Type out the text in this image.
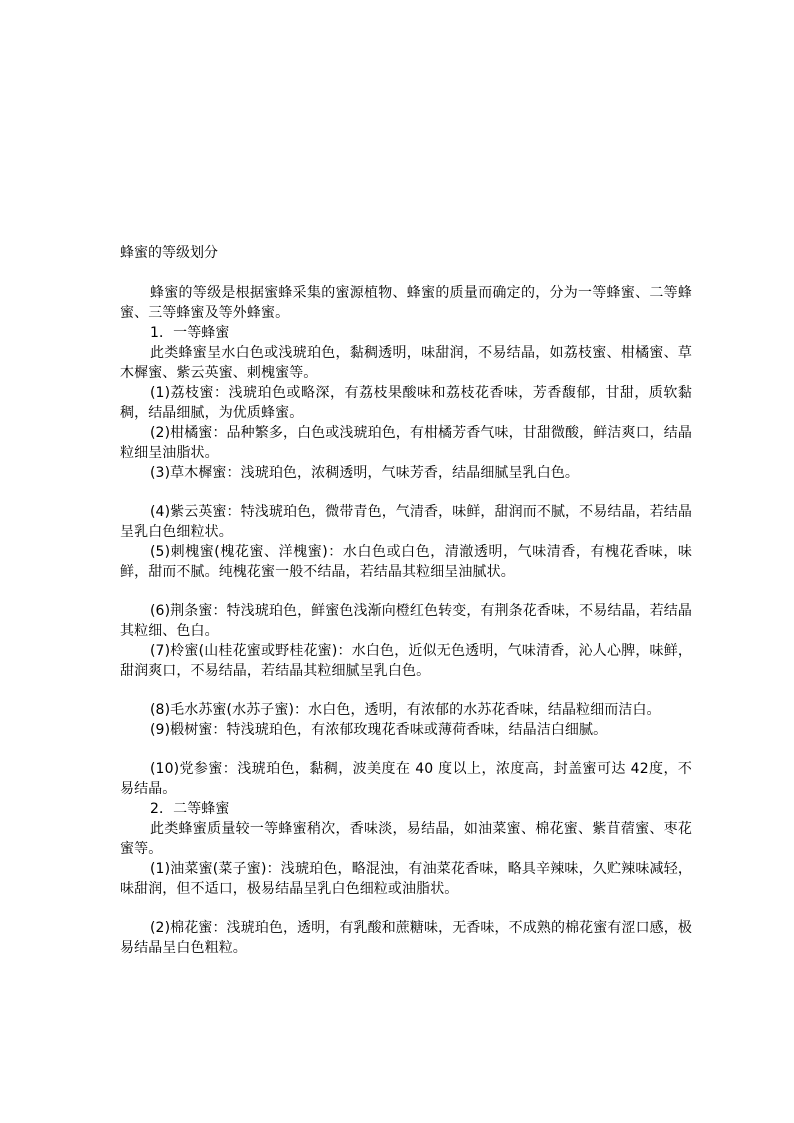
蜂蜜的等级划分

蜂蜜的等级是根据蜜蜂采集的蜜源植物、蜂蜜的质量而确定的，分为一等蜂蜜、二等蜂蜜、三等蜂蜜及等外蜂蜜。

1．一等蜂蜜

此类蜂蜜呈水白色或浅琥珀色，黏稠透明，味甜润，不易结晶，如荔枝蜜、柑橘蜜、草木樨蜜、紫云英蜜、刺槐蜜等。

(1)荔枝蜜：浅琥珀色或略深，有荔枝果酸味和荔枝花香味，芳香馥郁，甘甜，质软黏稠，结晶细腻，为优质蜂蜜。

(2)柑橘蜜：品种繁多，白色或浅琥珀色，有柑橘芳香气味，甘甜微酸，鲜洁爽口，结晶粒细呈油脂状。

(3)草木樨蜜：浅琥珀色，浓稠透明，气味芳香，结晶细腻呈乳白色。

(4)紫云英蜜：特浅琥珀色，微带青色，气清香，味鲜，甜润而不腻，不易结晶，若结晶呈乳白色细粒状。

(5)刺槐蜜(槐花蜜、洋槐蜜)：水白色或白色，清澈透明，气味清香，有槐花香味，味鲜，甜而不腻。纯槐花蜜一般不结晶，若结晶其粒细呈油腻状。

(6)荆条蜜：特浅琥珀色，鲜蜜色浅渐向橙红色转变，有荆条花香味，不易结晶，若结晶其粒细、色白。

(7)柃蜜(山桂花蜜或野桂花蜜)：水白色，近似无色透明，气味清香，沁人心脾，味鲜，甜润爽口，不易结晶，若结晶其粒细腻呈乳白色。

(8)毛水苏蜜(水苏子蜜)：水白色，透明，有浓郁的水苏花香味，结晶粒细而洁白。

(9)椴树蜜：特浅琥珀色，有浓郁玫瑰花香味或薄荷香味，结晶洁白细腻。

(10)党参蜜：浅琥珀色，黏稠，波美度在 40 度以上，浓度高，封盖蜜可达 42度，不易结晶。

2．二等蜂蜜

此类蜂蜜质量较一等蜂蜜稍次，香味淡，易结晶，如油菜蜜、棉花蜜、紫苜蓿蜜、枣花蜜等。

(1)油菜蜜(菜子蜜)：浅琥珀色，略混浊，有油菜花香味，略具辛辣味，久贮辣味减轻，味甜润，但不适口，极易结晶呈乳白色细粒或油脂状。

(2)棉花蜜：浅琥珀色，透明，有乳酸和蔗糖味，无香味，不成熟的棉花蜜有涩口感，极易结晶呈白色粗粒。
